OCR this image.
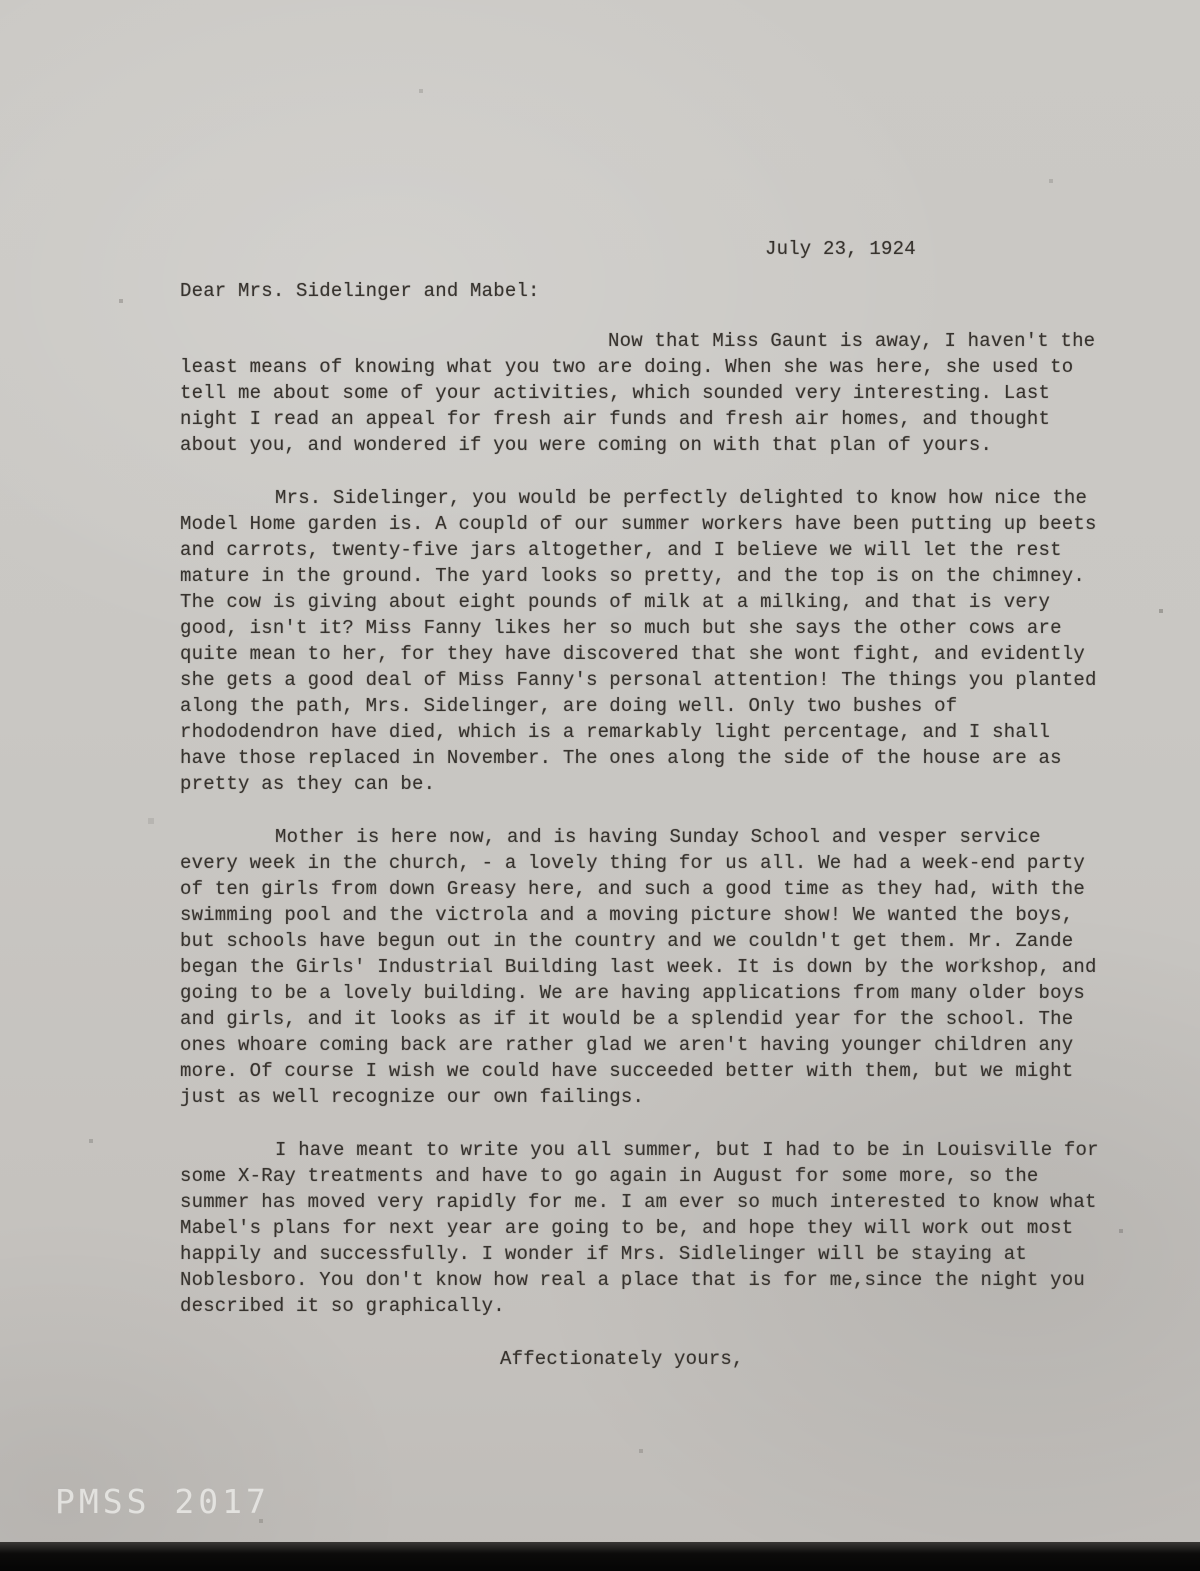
July 23, 1924
Dear Mrs. Sidelinger and Mabel:

Now that Miss Gaunt is away, I haven't the least means of knowing what you two are doing. When she was here, she used to tell me about some of your activities, which sounded very interesting. Last night I read an appeal for fresh air funds and fresh air homes, and thought about you, and wondered if you were coming on with that plan of yours.

Mrs. Sidelinger, you would be perfectly delighted to know how nice the Model Home garden is. A coupld of our summer workers have been putting up beets and carrots, twenty-five jars altogether, and I believe we will let the rest mature in the ground. The yard looks so pretty, and the top is on the chimney. The cow is giving about eight pounds of milk at a milking, and that is very good, isn't it? Miss Fanny likes her so much but she says the other cows are quite mean to her, for they have discovered that she wont fight, and evidently she gets a good deal of Miss Fanny's personal attention! The things you planted along the path, Mrs. Sidelinger, are doing well. Only two bushes of rhododendron have died, which is a remarkably light percentage, and I shall have those replaced in November. The ones along the side of the house are as pretty as they can be.

Mother is here now, and is having Sunday School and vesper service every week in the church, - a lovely thing for us all. We had a week-end party of ten girls from down Greasy here, and such a good time as they had, with the swimming pool and the victrola and a moving picture show! We wanted the boys, but schools have begun out in the country and we couldn't get them. Mr. Zande began the Girls' Industrial Building last week. It is down by the workshop, and going to be a lovely building. We are having applications from many older boys and girls, and it looks as if it would be a splendid year for the school. The ones whoare coming back are rather glad we aren't having younger children any more. Of course I wish we could have succeeded better with them, but we might just as well recognize our own failings.

I have meant to write you all summer, but I had to be in Louisville for some X-Ray treatments and have to go again in August for some more, so the summer has moved very rapidly for me. I am ever so much interested to know what Mabel's plans for next year are going to be, and hope they will work out most happily and successfully. I wonder if Mrs. Sidlelinger will be staying at Noblesboro. You don't know how real a place that is for me,since the night you described it so graphically.

Affectionately yours,
PMSS 2017
